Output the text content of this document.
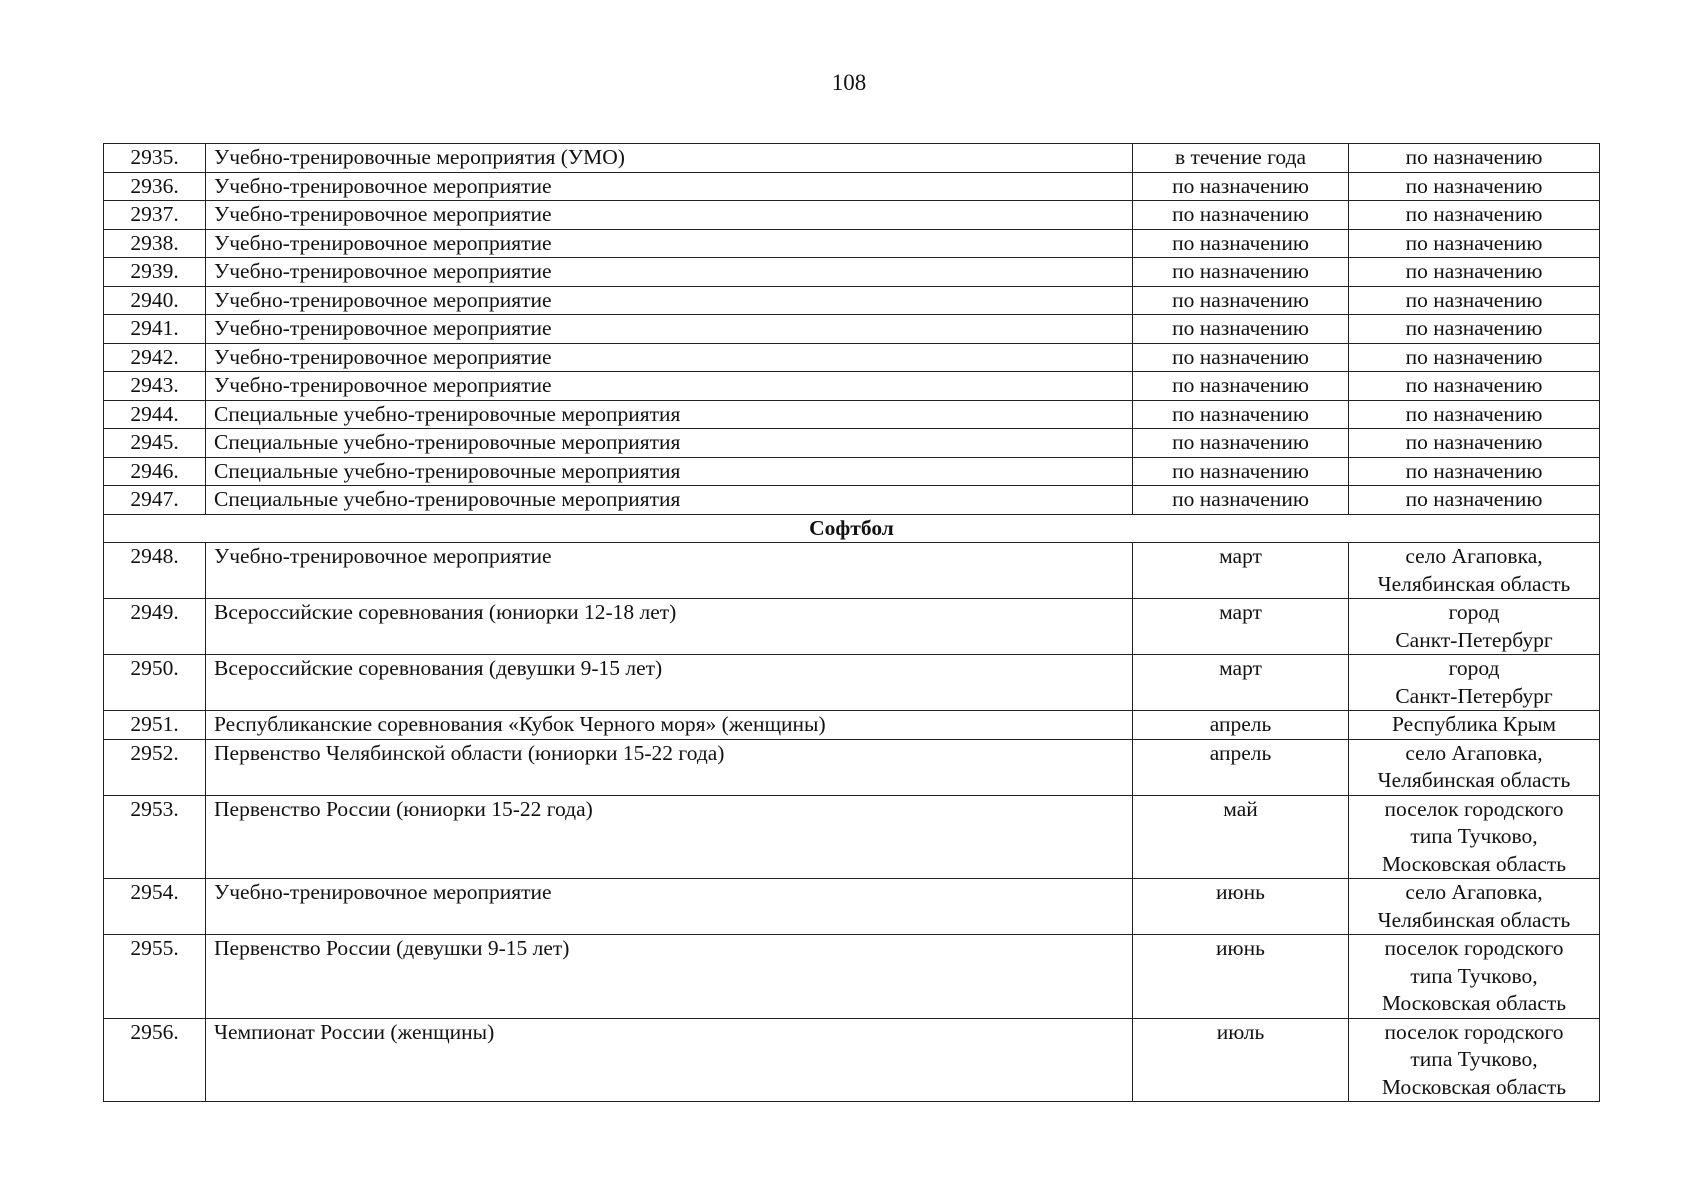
108
2935.	Учебно-тренировочные мероприятия (УМО)	в течение года	по назначению

2936.	Учебно-тренировочное мероприятие	по назначению	по назначению

2937.	Учебно-тренировочное мероприятие	по назначению	по назначению

2938.	Учебно-тренировочное мероприятие	по назначению	по назначению

2939.	Учебно-тренировочное мероприятие	по назначению	по назначению

2940.	Учебно-тренировочное мероприятие	по назначению	по назначению

2941.	Учебно-тренировочное мероприятие	по назначению	по назначению

2942.	Учебно-тренировочное мероприятие	по назначению	по назначению

2943.	Учебно-тренировочное мероприятие	по назначению	по назначению

2944.	Специальные учебно-тренировочные мероприятия	по назначению	по назначению

2945.	Специальные учебно-тренировочные мероприятия	по назначению	по назначению

2946.	Специальные учебно-тренировочные мероприятия	по назначению	по назначению

2947.	Специальные учебно-тренировочные мероприятия	по назначению	по назначению

Софтбол			
2948.	Учебно-тренировочное мероприятие	март	село Агаповка,
Челябинская область

2949.	Всероссийские соревнования (юниорки 12-18 лет)	март	город
Санкт-Петербург

2950.	Всероссийские соревнования (девушки 9-15 лет)	март	город
Санкт-Петербург

2951.	Республиканские соревнования «Кубок Черного моря» (женщины)	апрель	Республика Крым

2952.	Первенство Челябинской области (юниорки 15-22 года)	апрель	село Агаповка,
Челябинская область

2953.	Первенство России (юниорки 15-22 года)	май	поселок городского
типа Тучково,
Московская область

2954.	Учебно-тренировочное мероприятие	июнь	село Агаповка,
Челябинская область

2955.	Первенство России (девушки 9-15 лет)	июнь	поселок городского
типа Тучково,
Московская область

2956.	Чемпионат России (женщины)	июль	поселок городского
типа Тучково,
Московская область
